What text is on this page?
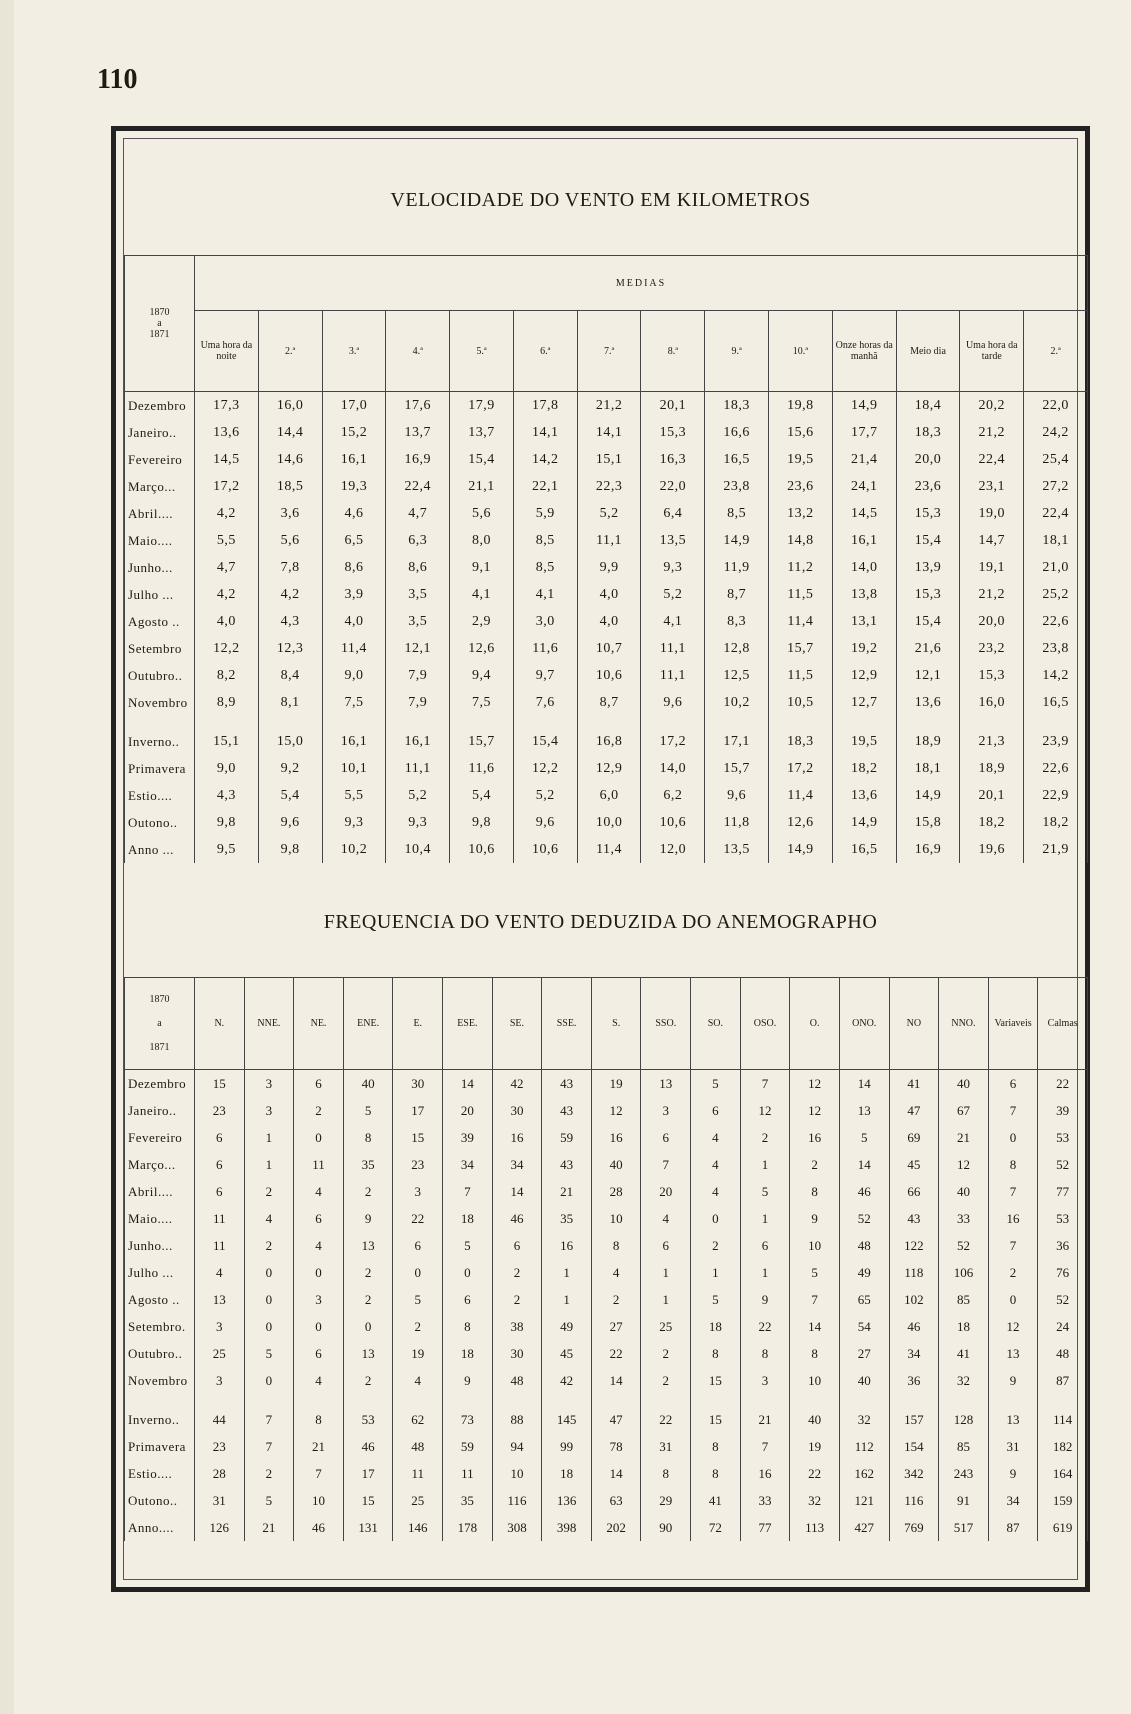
110
VELOCIDADE DO VENTO EM KILOMETROS
1870
a
1871	MEDIAS													
	Uma hora da noite	2.ª	3.ª	4.ª	5.ª	6.ª	7.ª	8.ª	9.ª	10.ª	Onze horas da manhã	Meio dia	Uma hora da tarde	2.ª
Dezembro	17,3	16,0	17,0	17,6	17,9	17,8	21,2	20,1	18,3	19,8	14,9	18,4	20,2	22,0
Janeiro..	13,6	14,4	15,2	13,7	13,7	14,1	14,1	15,3	16,6	15,6	17,7	18,3	21,2	24,2
Fevereiro	14,5	14,6	16,1	16,9	15,4	14,2	15,1	16,3	16,5	19,5	21,4	20,0	22,4	25,4
Março...	17,2	18,5	19,3	22,4	21,1	22,1	22,3	22,0	23,8	23,6	24,1	23,6	23,1	27,2
Abril....	4,2	3,6	4,6	4,7	5,6	5,9	5,2	6,4	8,5	13,2	14,5	15,3	19,0	22,4
Maio....	5,5	5,6	6,5	6,3	8,0	8,5	11,1	13,5	14,9	14,8	16,1	15,4	14,7	18,1
Junho...	4,7	7,8	8,6	8,6	9,1	8,5	9,9	9,3	11,9	11,2	14,0	13,9	19,1	21,0
Julho ...	4,2	4,2	3,9	3,5	4,1	4,1	4,0	5,2	8,7	11,5	13,8	15,3	21,2	25,2
Agosto ..	4,0	4,3	4,0	3,5	2,9	3,0	4,0	4,1	8,3	11,4	13,1	15,4	20,0	22,6
Setembro	12,2	12,3	11,4	12,1	12,6	11,6	10,7	11,1	12,8	15,7	19,2	21,6	23,2	23,8
Outubro..	8,2	8,4	9,0	7,9	9,4	9,7	10,6	11,1	12,5	11,5	12,9	12,1	15,3	14,2
Novembro	8,9	8,1	7,5	7,9	7,5	7,6	8,7	9,6	10,2	10,5	12,7	13,6	16,0	16,5

Inverno..	15,1	15,0	16,1	16,1	15,7	15,4	16,8	17,2	17,1	18,3	19,5	18,9	21,3	23,9
Primavera	9,0	9,2	10,1	11,1	11,6	12,2	12,9	14,0	15,7	17,2	18,2	18,1	18,9	22,6
Estio....	4,3	5,4	5,5	5,2	5,4	5,2	6,0	6,2	9,6	11,4	13,6	14,9	20,1	22,9
Outono..	9,8	9,6	9,3	9,3	9,8	9,6	10,0	10,6	11,8	12,6	14,9	15,8	18,2	18,2
Anno ...	9,5	9,8	10,2	10,4	10,6	10,6	11,4	12,0	13,5	14,9	16,5	16,9	19,6	21,9
FREQUENCIA DO VENTO DEDUZIDA DO ANEMOGRAPHO
1870
a
1871	N.	NNE.	NE.	ENE.	E.	ESE.	SE.	SSE.	S.	SSO.	SO.	OSO.	O.	ONO.	NO	NNO.	Variaveis	Calmas
Dezembro	15	3	6	40	30	14	42	43	19	13	5	7	12	14	41	40	6	22
Janeiro..	23	3	2	5	17	20	30	43	12	3	6	12	12	13	47	67	7	39
Fevereiro	6	1	0	8	15	39	16	59	16	6	4	2	16	5	69	21	0	53
Março...	6	1	11	35	23	34	34	43	40	7	4	1	2	14	45	12	8	52
Abril....	6	2	4	2	3	7	14	21	28	20	4	5	8	46	66	40	7	77
Maio....	11	4	6	9	22	18	46	35	10	4	0	1	9	52	43	33	16	53
Junho...	11	2	4	13	6	5	6	16	8	6	2	6	10	48	122	52	7	36
Julho ...	4	0	0	2	0	0	2	1	4	1	1	1	5	49	118	106	2	76
Agosto ..	13	0	3	2	5	6	2	1	2	1	5	9	7	65	102	85	0	52
Setembro.	3	0	0	0	2	8	38	49	27	25	18	22	14	54	46	18	12	24
Outubro..	25	5	6	13	19	18	30	45	22	2	8	8	8	27	34	41	13	48
Novembro	3	0	4	2	4	9	48	42	14	2	15	3	10	40	36	32	9	87

Inverno..	44	7	8	53	62	73	88	145	47	22	15	21	40	32	157	128	13	114
Primavera	23	7	21	46	48	59	94	99	78	31	8	7	19	112	154	85	31	182
Estio....	28	2	7	17	11	11	10	18	14	8	8	16	22	162	342	243	9	164
Outono..	31	5	10	15	25	35	116	136	63	29	41	33	32	121	116	91	34	159
Anno....	126	21	46	131	146	178	308	398	202	90	72	77	113	427	769	517	87	619
